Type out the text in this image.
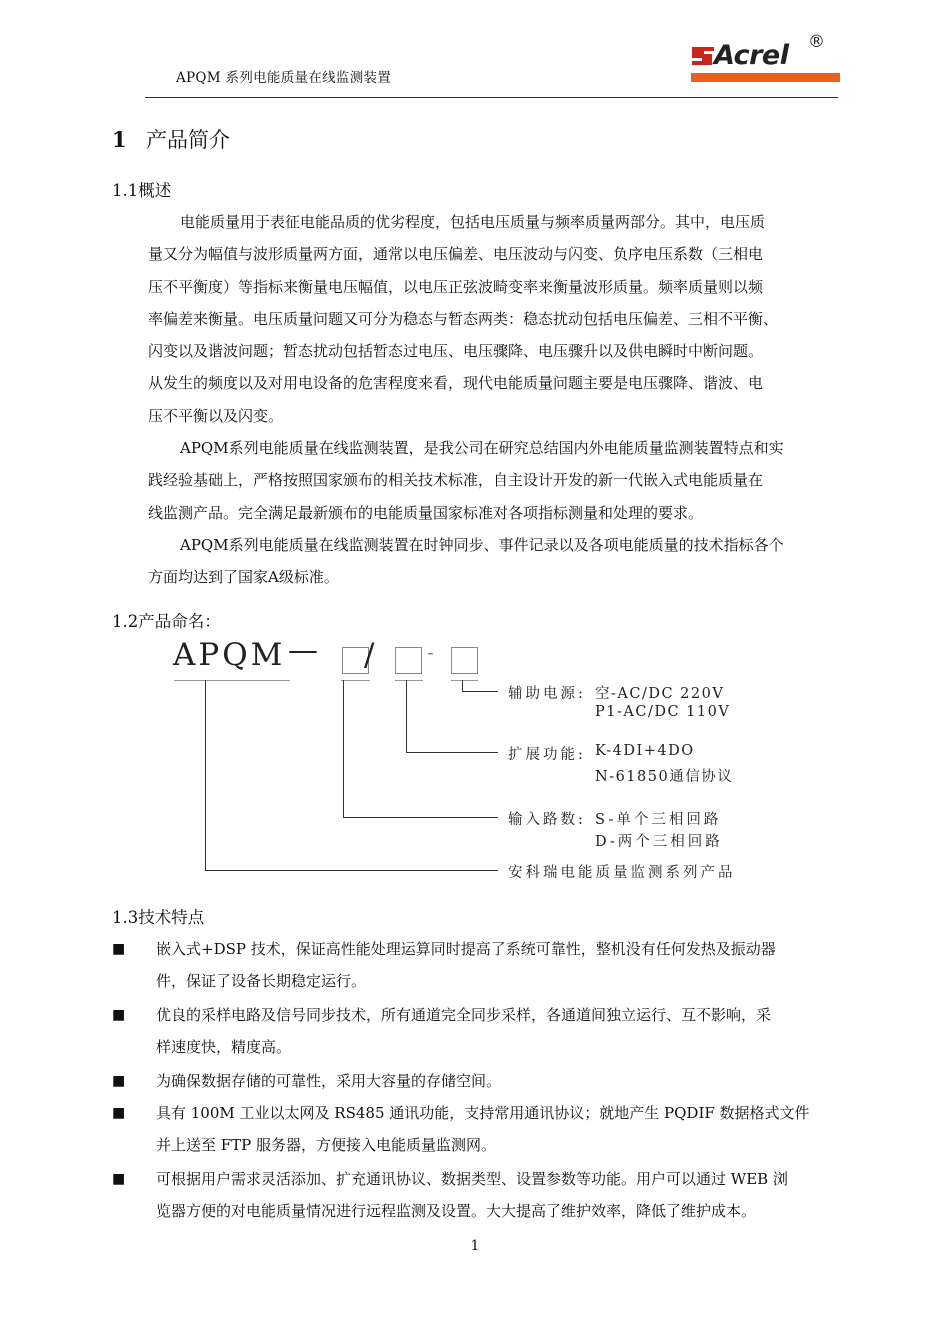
APQM 系列电能质量在线监测装置
Acrel ®
1 产品简介
1.1概述

电能质量用于表征电能品质的优劣程度，包括电压质量与频率质量两部分。其中，电压质

量又分为幅值与波形质量两方面，通常以电压偏差、电压波动与闪变、负序电压系数（三相电

压不平衡度）等指标来衡量电压幅值，以电压正弦波畸变率来衡量波形质量。频率质量则以频

率偏差来衡量。电压质量问题又可分为稳态与暂态两类：稳态扰动包括电压偏差、三相不平衡、

闪变以及谐波问题；暂态扰动包括暂态过电压、电压骤降、电压骤升以及供电瞬时中断问题。

从发生的频度以及对用电设备的危害程度来看，现代电能质量问题主要是电压骤降、谐波、电

压不平衡以及闪变。

APQM系列电能质量在线监测装置，是我公司在研究总结国内外电能质量监测装置特点和实

践经验基础上，严格按照国家颁布的相关技术标准，自主设计开发的新一代嵌入式电能质量在

线监测产品。完全满足最新颁布的电能质量国家标准对各项指标测量和处理的要求。

APQM系列电能质量在线监测装置在时钟同步、事件记录以及各项电能质量的技术指标各个

方面均达到了国家A级标准。

1.2产品命名：
APQM — /	-
辅助电源: 空-AC/DC 220V
P1-AC/DC 110V
扩展功能: K-4DI+4DO
N-61850通信协议
输入路数: S-单个三相回路
D-两个三相回路
安科瑞电能质量监测系列产品
1.3技术特点
■ 嵌入式+DSP 技术，保证高性能处理运算同时提高了系统可靠性，整机没有任何发热及振动器
件，保证了设备长期稳定运行。
■ 优良的采样电路及信号同步技术，所有通道完全同步采样，各通道间独立运行、互不影响，采
样速度快，精度高。
■ 为确保数据存储的可靠性，采用大容量的存储空间。
■ 具有 100M 工业以太网及 RS485 通讯功能，支持常用通讯协议；就地产生 PQDIF 数据格式文件
并上送至 FTP 服务器，方便接入电能质量监测网。
■ 可根据用户需求灵活添加、扩充通讯协议、数据类型、设置参数等功能。用户可以通过 WEB 浏
览器方便的对电能质量情况进行远程监测及设置。大大提高了维护效率，降低了维护成本。
1
